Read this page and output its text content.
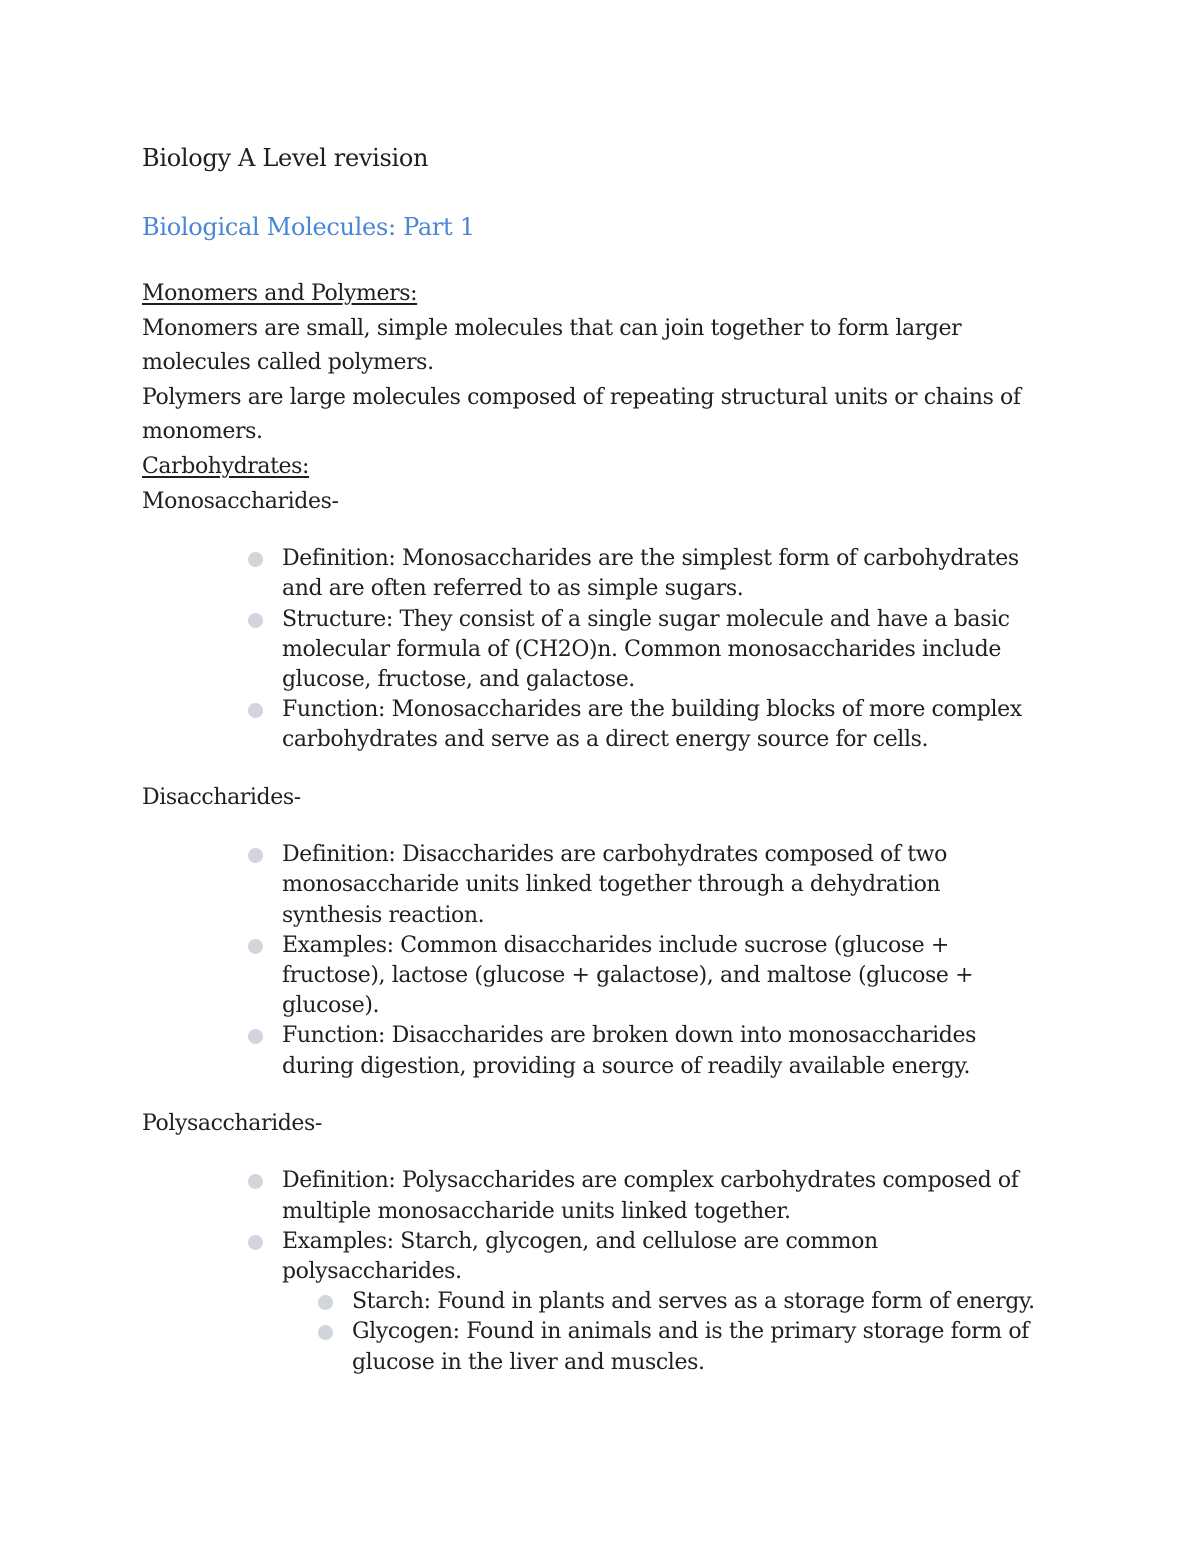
Biology A Level revision
Biological Molecules: Part 1

Monomers and Polymers:

Monomers are small, simple molecules that can join together to form larger

molecules called polymers.

Polymers are large molecules composed of repeating structural units or chains of

monomers.

Carbohydrates:

Monosaccharides-

Definition: Monosaccharides are the simplest form of carbohydrates and are often referred to as simple sugars.
Structure: They consist of a single sugar molecule and have a basic molecular formula of (CH2O)n. Common monosaccharides include glucose, fructose, and galactose.
Function: Monosaccharides are the building blocks of more complex carbohydrates and serve as a direct energy source for cells.

Disaccharides-

Definition: Disaccharides are carbohydrates composed of two monosaccharide units linked together through a dehydration synthesis reaction.
Examples: Common disaccharides include sucrose (glucose + fructose), lactose (glucose + galactose), and maltose (glucose + glucose).
Function: Disaccharides are broken down into monosaccharides during digestion, providing a source of readily available energy.

Polysaccharides-

Definition: Polysaccharides are complex carbohydrates composed of multiple monosaccharide units linked together.
Examples: Starch, glycogen, and cellulose are common polysaccharides.
Starch: Found in plants and serves as a storage form of energy.
Glycogen: Found in animals and is the primary storage form of glucose in the liver and muscles.
